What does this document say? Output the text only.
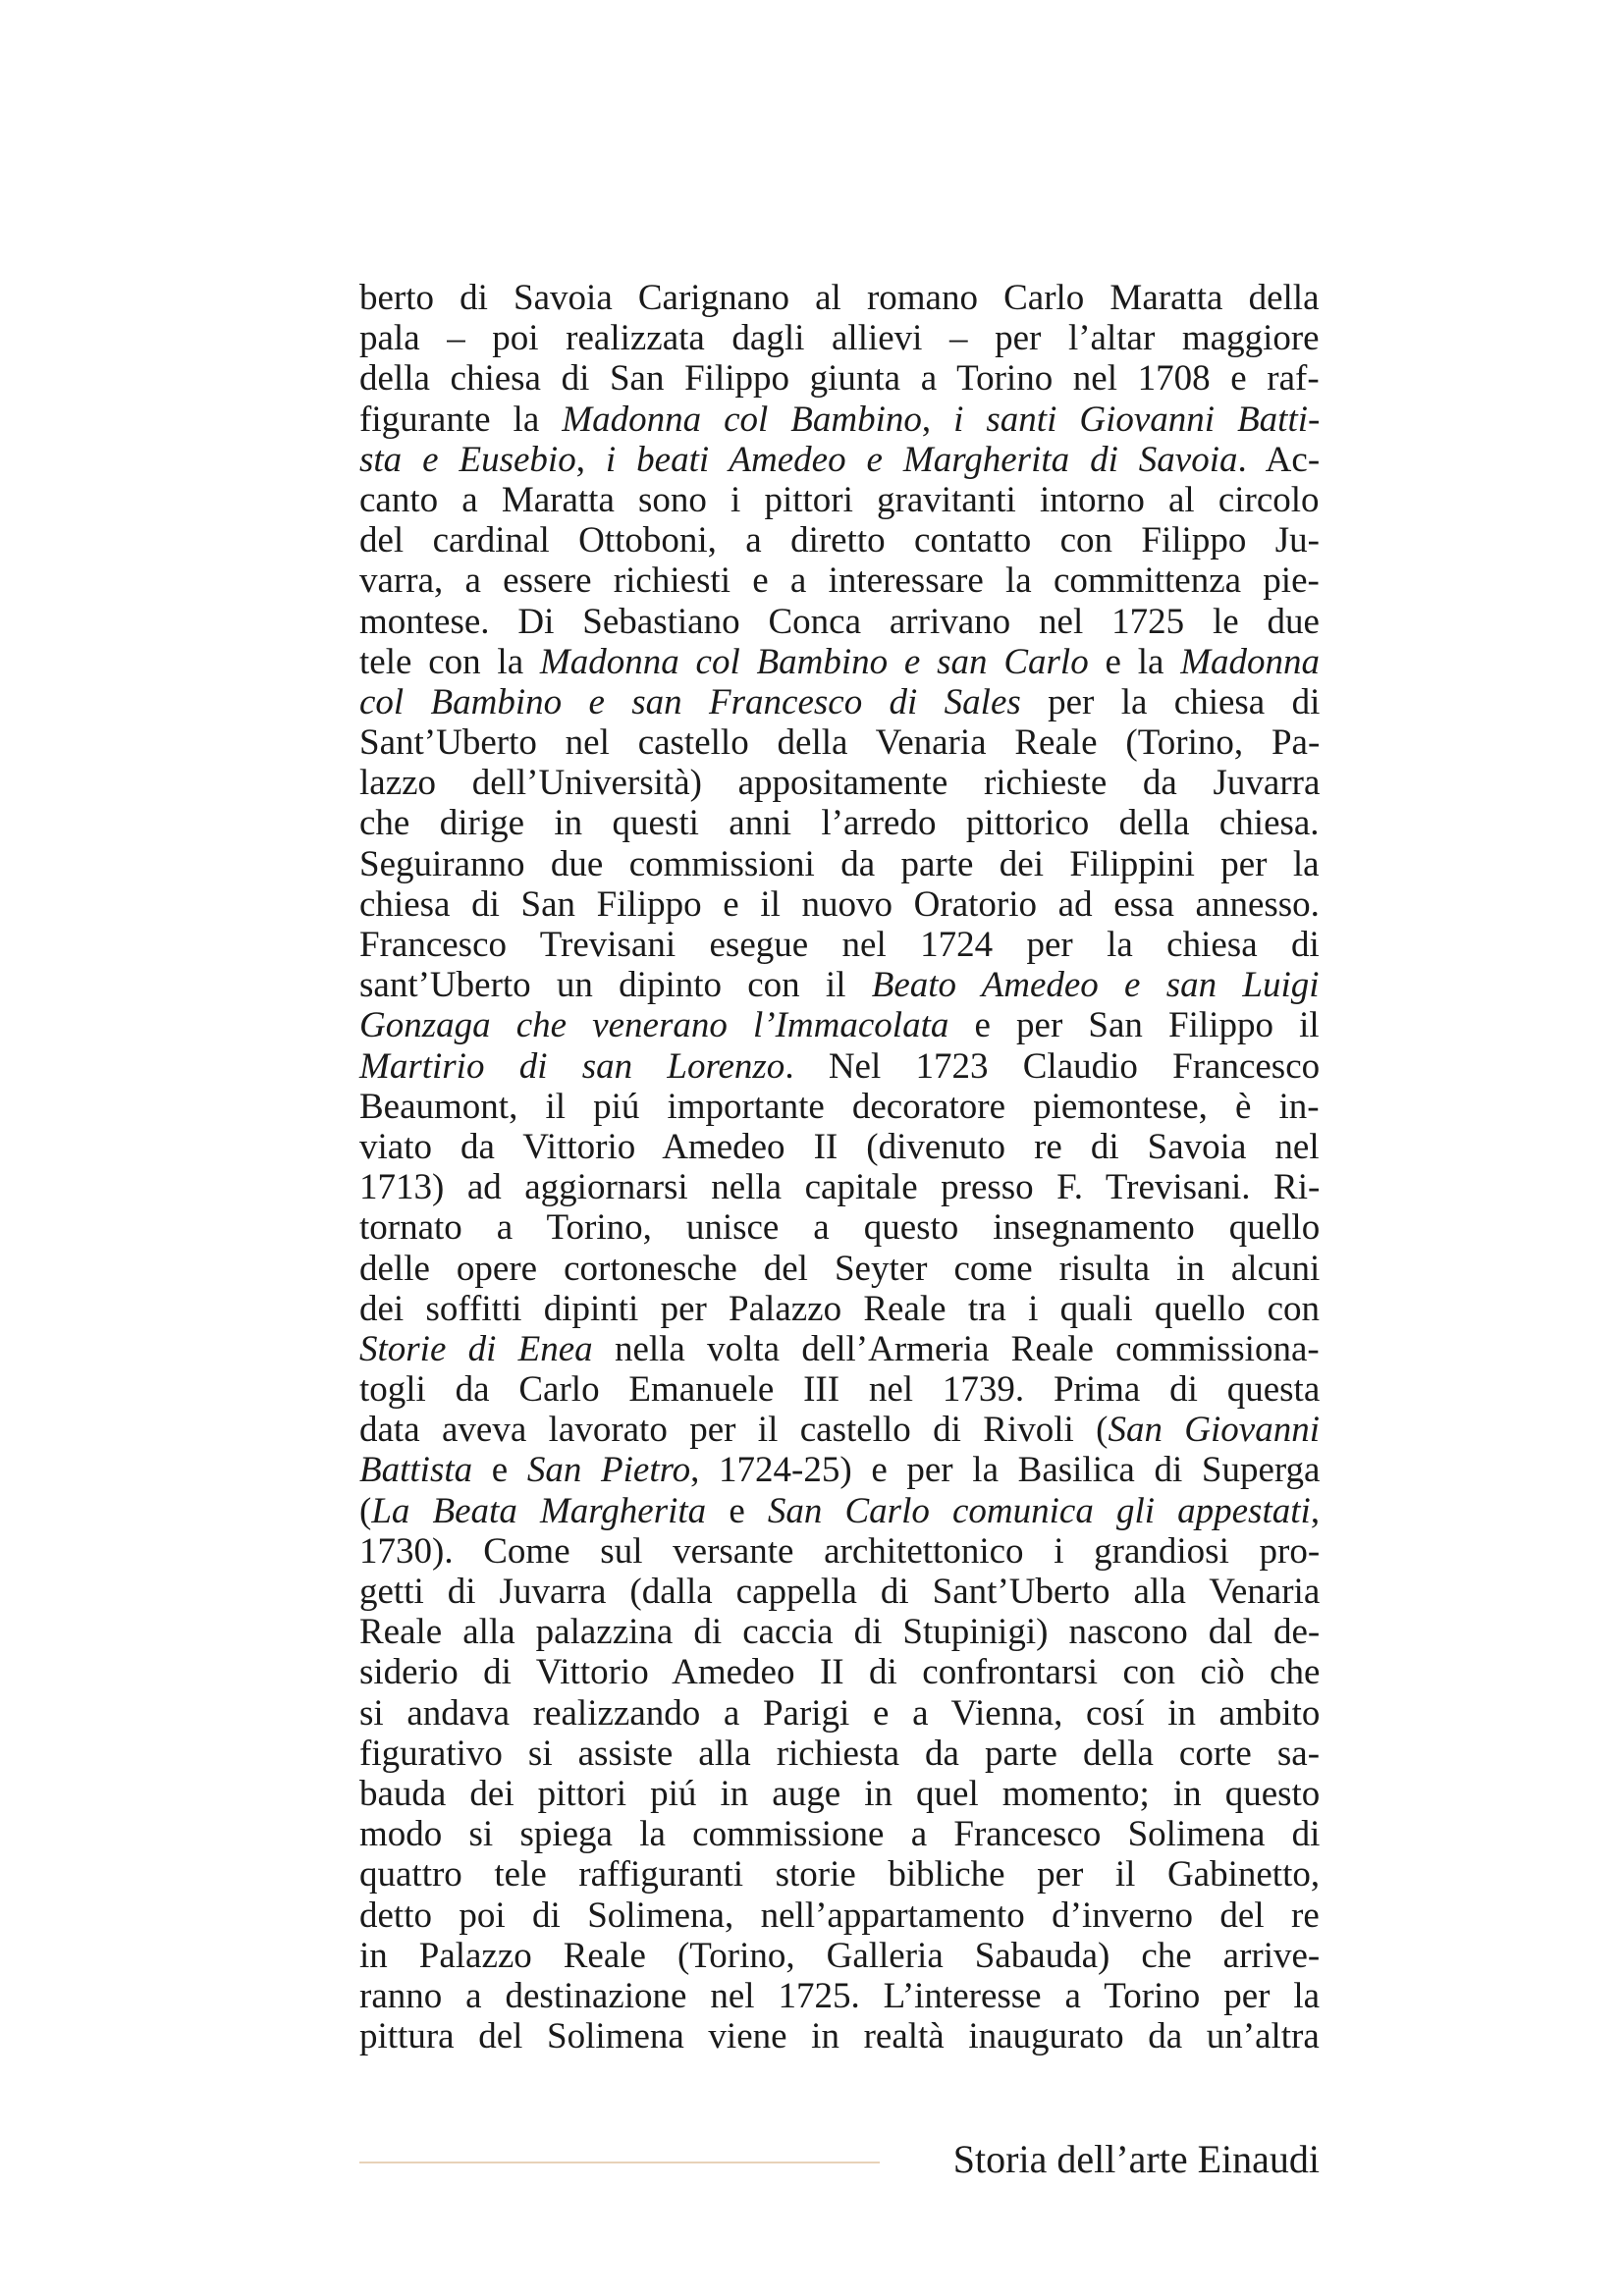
berto di Savoia Carignano al romano Carlo Maratta della
pala – poi realizzata dagli allievi – per l’altar maggiore
della chiesa di San Filippo giunta a Torino nel 1708 e raf-
figurante la Madonna col Bambino, i santi Giovanni Batti-
sta e Eusebio, i beati Amedeo e Margherita di Savoia. Ac-
canto a Maratta sono i pittori gravitanti intorno al circolo
del cardinal Ottoboni, a diretto contatto con Filippo Ju-
varra, a essere richiesti e a interessare la committenza pie-
montese. Di Sebastiano Conca arrivano nel 1725 le due
tele con la Madonna col Bambino e san Carlo e la Madonna
col Bambino e san Francesco di Sales per la chiesa di
Sant’Uberto nel castello della Venaria Reale (Torino, Pa-
lazzo dell’Università) appositamente richieste da Juvarra
che dirige in questi anni l’arredo pittorico della chiesa.
Seguiranno due commissioni da parte dei Filippini per la
chiesa di San Filippo e il nuovo Oratorio ad essa annesso.
Francesco Trevisani esegue nel 1724 per la chiesa di
sant’Uberto un dipinto con il Beato Amedeo e san Luigi
Gonzaga che venerano l’Immacolata e per San Filippo il
Martirio di san Lorenzo. Nel 1723 Claudio Francesco
Beaumont, il piú importante decoratore piemontese, è in-
viato da Vittorio Amedeo II (divenuto re di Savoia nel
1713) ad aggiornarsi nella capitale presso F. Trevisani. Ri-
tornato a Torino, unisce a questo insegnamento quello
delle opere cortonesche del Seyter come risulta in alcuni
dei soffitti dipinti per Palazzo Reale tra i quali quello con
Storie di Enea nella volta dell’Armeria Reale commissiona-
togli da Carlo Emanuele III nel 1739. Prima di questa
data aveva lavorato per il castello di Rivoli (San Giovanni
Battista e San Pietro, 1724-25) e per la Basilica di Superga
(La Beata Margherita e San Carlo comunica gli appestati,
1730). Come sul versante architettonico i grandiosi pro-
getti di Juvarra (dalla cappella di Sant’Uberto alla Venaria
Reale alla palazzina di caccia di Stupinigi) nascono dal de-
siderio di Vittorio Amedeo II di confrontarsi con ciò che
si andava realizzando a Parigi e a Vienna, cosí in ambito
figurativo si assiste alla richiesta da parte della corte sa-
bauda dei pittori piú in auge in quel momento; in questo
modo si spiega la commissione a Francesco Solimena di
quattro tele raffiguranti storie bibliche per il Gabinetto,
detto poi di Solimena, nell’appartamento d’inverno del re
in Palazzo Reale (Torino, Galleria Sabauda) che arrive-
ranno a destinazione nel 1725. L’interesse a Torino per la
pittura del Solimena viene in realtà inaugurato da un’altra
Storia dell’arte Einaudi
